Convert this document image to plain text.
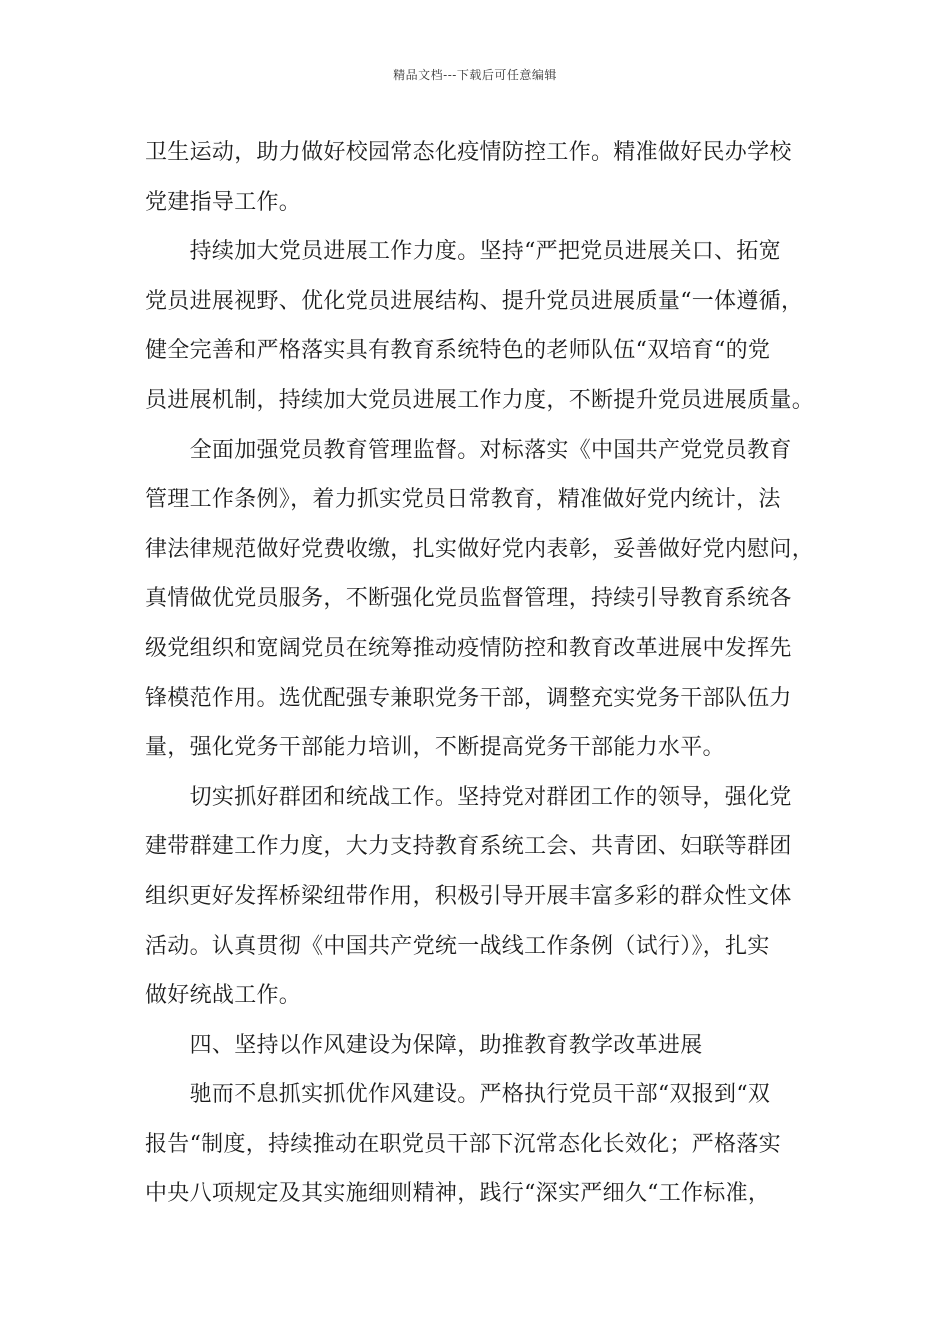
精品文档---下载后可任意编辑
卫生运动，助力做好校园常态化疫情防控工作。精准做好民办学校
党建指导工作。
　　持续加大党员进展工作力度。坚持“严把党员进展关口、拓宽
党员进展视野、优化党员进展结构、提升党员进展质量“一体遵循，
健全完善和严格落实具有教育系统特色的老师队伍“双培育“的党
员进展机制，持续加大党员进展工作力度，不断提升党员进展质量。
　　全面加强党员教育管理监督。对标落实《中国共产党党员教育
管理工作条例》，着力抓实党员日常教育，精准做好党内统计，法
律法律规范做好党费收缴，扎实做好党内表彰，妥善做好党内慰问，
真情做优党员服务，不断强化党员监督管理，持续引导教育系统各
级党组织和宽阔党员在统筹推动疫情防控和教育改革进展中发挥先
锋模范作用。选优配强专兼职党务干部，调整充实党务干部队伍力
量，强化党务干部能力培训，不断提高党务干部能力水平。
　　切实抓好群团和统战工作。坚持党对群团工作的领导，强化党
建带群建工作力度，大力支持教育系统工会、共青团、妇联等群团
组织更好发挥桥梁纽带作用，积极引导开展丰富多彩的群众性文体
活动。认真贯彻《中国共产党统一战线工作条例（试行）》，扎实
做好统战工作。
　　四、坚持以作风建设为保障，助推教育教学改革进展
　　驰而不息抓实抓优作风建设。严格执行党员干部“双报到“双
报告“制度，持续推动在职党员干部下沉常态化长效化；严格落实
中央八项规定及其实施细则精神，践行“深实严细久“工作标准，
